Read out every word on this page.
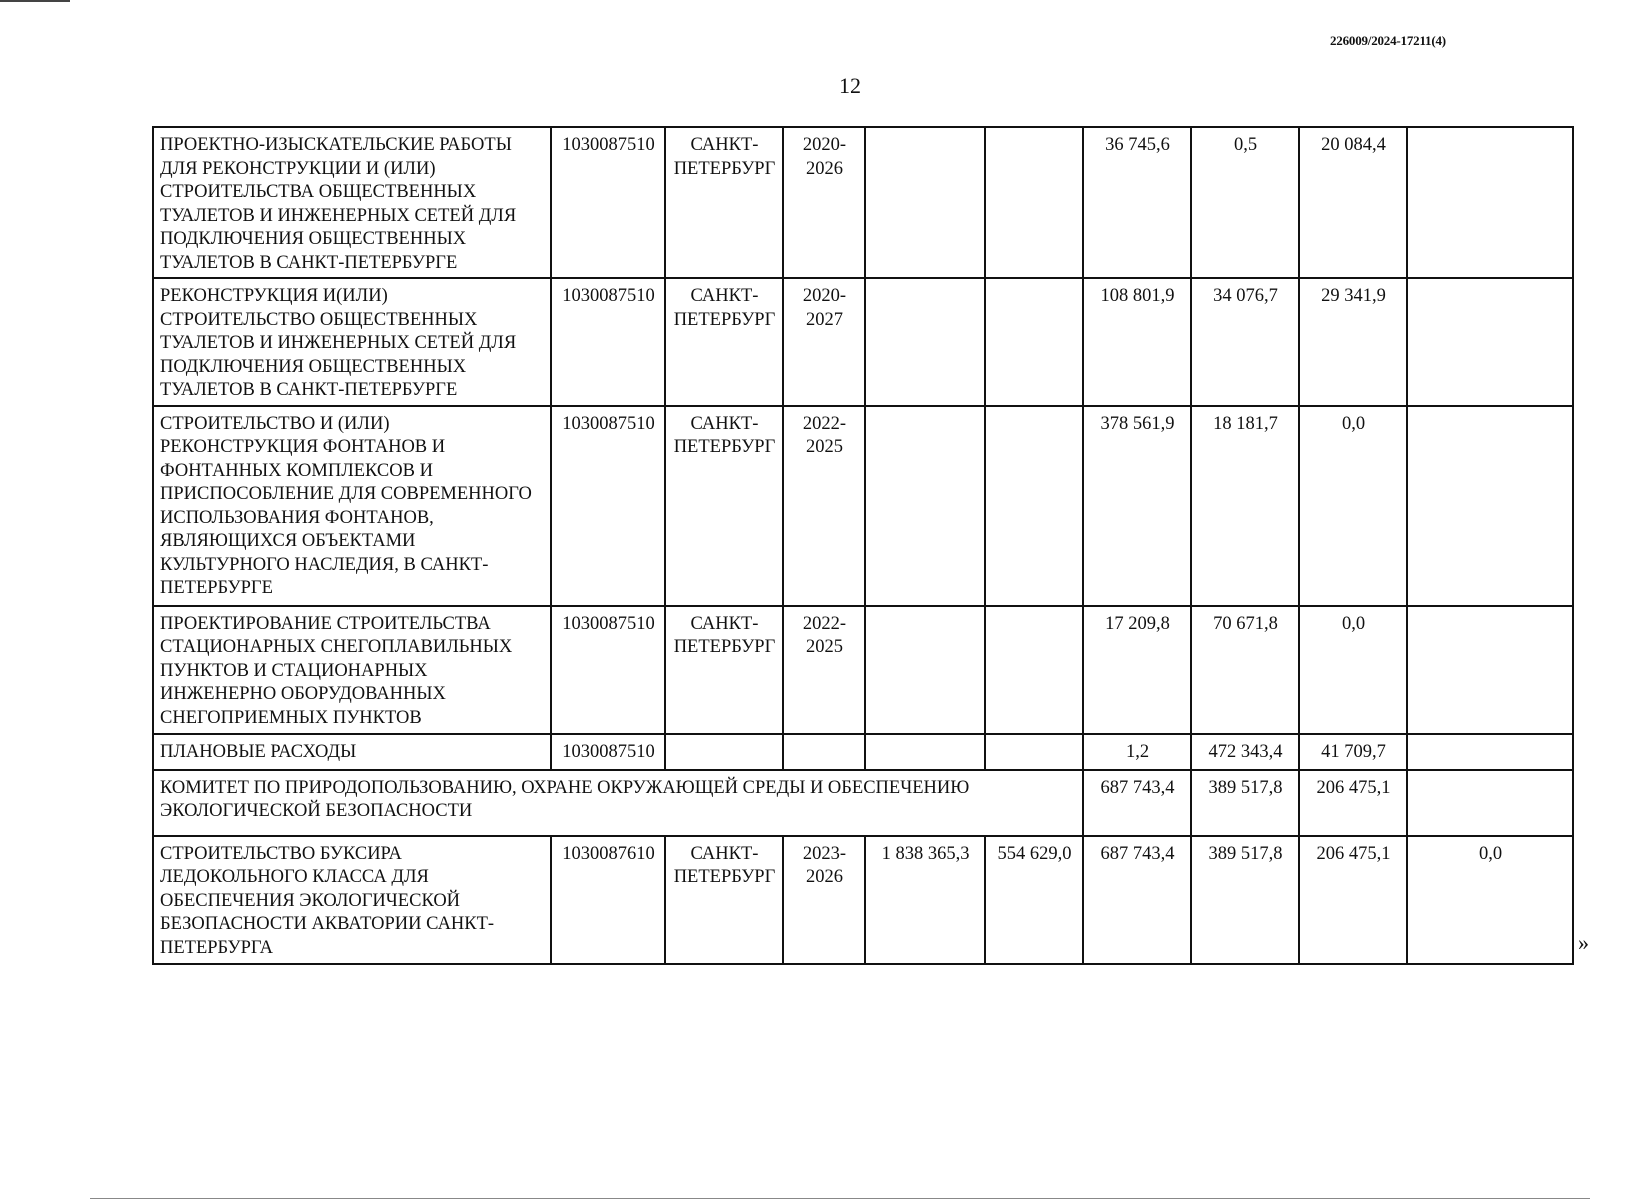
226009/2024-17211(4)
12
ПРОЕКТНО-ИЗЫСКАТЕЛЬСКИЕ РАБОТЫ ДЛЯ РЕКОНСТРУКЦИИ И (ИЛИ) СТРОИТЕЛЬСТВА ОБЩЕСТВЕННЫХ ТУАЛЕТОВ И ИНЖЕНЕРНЫХ СЕТЕЙ ДЛЯ ПОДКЛЮЧЕНИЯ ОБЩЕСТВЕННЫХ ТУАЛЕТОВ В САНКТ-ПЕТЕРБУРГЕ	1030087510	САНКТ-ПЕТЕРБУРГ	2020-2026			36 745,6	0,5	20 084,4	
РЕКОНСТРУКЦИЯ И(ИЛИ) СТРОИТЕЛЬСТВО ОБЩЕСТВЕННЫХ ТУАЛЕТОВ И ИНЖЕНЕРНЫХ СЕТЕЙ ДЛЯ ПОДКЛЮЧЕНИЯ ОБЩЕСТВЕННЫХ ТУАЛЕТОВ В САНКТ-ПЕТЕРБУРГЕ	1030087510	САНКТ-ПЕТЕРБУРГ	2020-2027			108 801,9	34 076,7	29 341,9	
СТРОИТЕЛЬСТВО И (ИЛИ) РЕКОНСТРУКЦИЯ ФОНТАНОВ И ФОНТАННЫХ КОМПЛЕКСОВ И ПРИСПОСОБЛЕНИЕ ДЛЯ СОВРЕМЕННОГО ИСПОЛЬЗОВАНИЯ ФОНТАНОВ, ЯВЛЯЮЩИХСЯ ОБЪЕКТАМИ КУЛЬТУРНОГО НАСЛЕДИЯ, В САНКТ-ПЕТЕРБУРГЕ	1030087510	САНКТ-ПЕТЕРБУРГ	2022-2025			378 561,9	18 181,7	0,0	
ПРОЕКТИРОВАНИЕ СТРОИТЕЛЬСТВА СТАЦИОНАРНЫХ СНЕГОПЛАВИЛЬНЫХ ПУНКТОВ И СТАЦИОНАРНЫХ ИНЖЕНЕРНО ОБОРУДОВАННЫХ СНЕГОПРИЕМНЫХ ПУНКТОВ	1030087510	САНКТ-ПЕТЕРБУРГ	2022-2025			17 209,8	70 671,8	0,0	
ПЛАНОВЫЕ РАСХОДЫ	1030087510					1,2	472 343,4	41 709,7	
КОМИТЕТ ПО ПРИРОДОПОЛЬЗОВАНИЮ, ОХРАНЕ ОКРУЖАЮЩЕЙ СРЕДЫ И ОБЕСПЕЧЕНИЮ ЭКОЛОГИЧЕСКОЙ БЕЗОПАСНОСТИ						687 743,4	389 517,8	206 475,1	
СТРОИТЕЛЬСТВО БУКСИРА ЛЕДОКОЛЬНОГО КЛАССА ДЛЯ ОБЕСПЕЧЕНИЯ ЭКОЛОГИЧЕСКОЙ БЕЗОПАСНОСТИ АКВАТОРИИ САНКТ-ПЕТЕРБУРГА	1030087610	САНКТ-ПЕТЕРБУРГ	2023-2026	1 838 365,3	554 629,0	687 743,4	389 517,8	206 475,1	0,0
»
